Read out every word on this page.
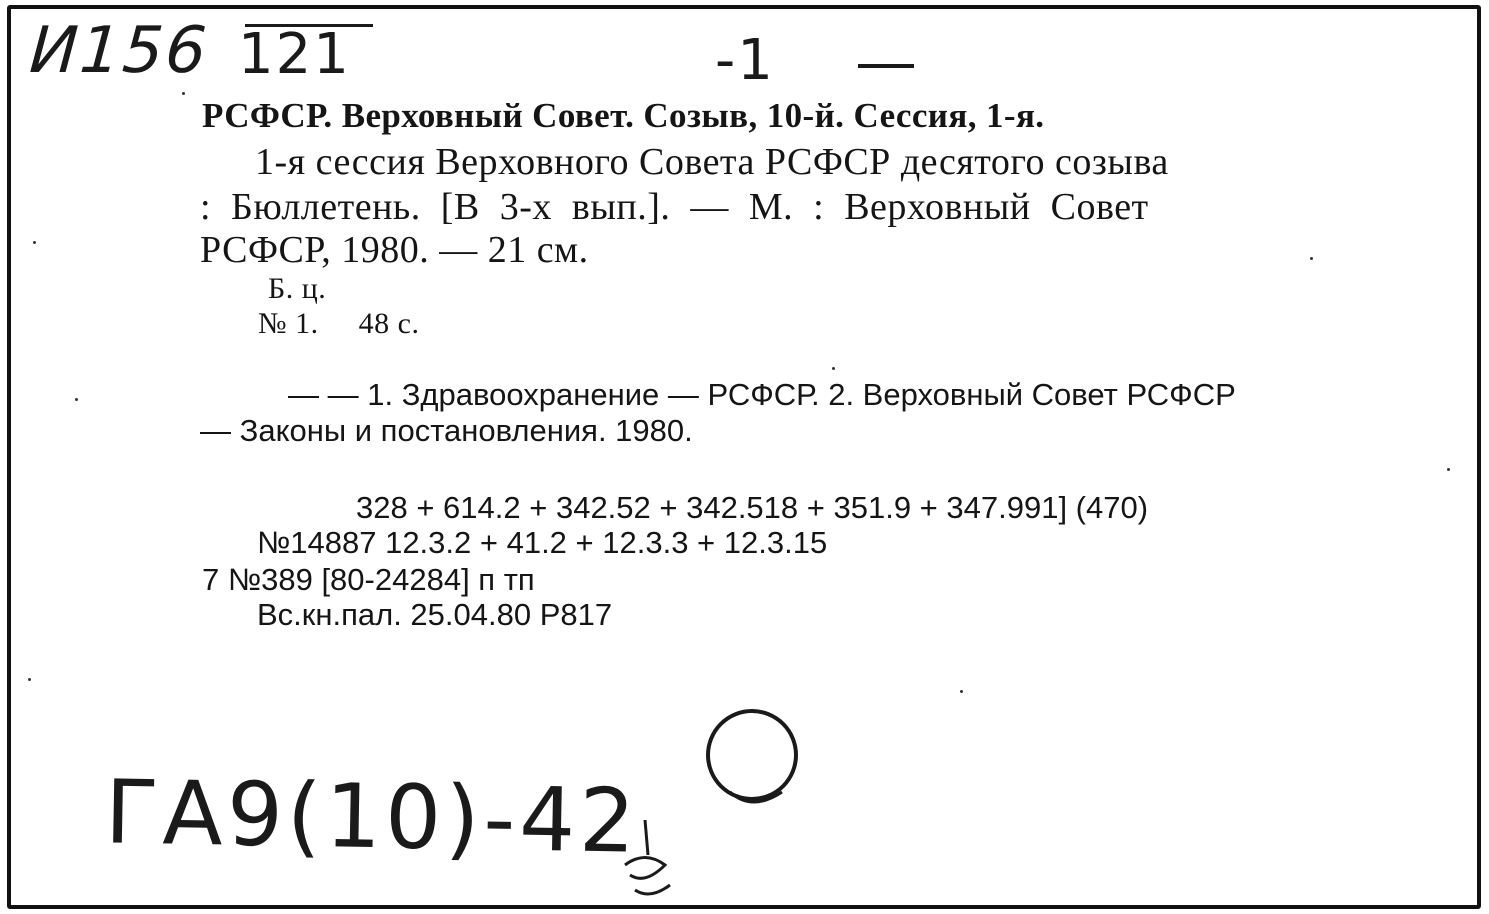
И156 121	-1

РСФСР. Верховный Совет. Созыв, 10-й. Сессия, 1-я.

1-я сессия Верховного Совета РСФСР десятого созыва

: Бюллетень. [В 3-х вып.]. — М. : Верховный Совет

РСФСР, 1980. — 21 см.

Б. ц.

№ 1. 48 с.

— — 1. Здравоохранение — РСФСР. 2. Верховный Совет РСФСР

— Законы и постановления. 1980.

328 + 614.2 + 342.52 + 342.518 + 351.9 + 347.991] (470)

№14887 12.3.2 + 41.2 + 12.3.3 + 12.3.15

7 №389 [80-24284] п тп

Вс.кн.пал. 25.04.80 Р817

ГА9(10)-42
